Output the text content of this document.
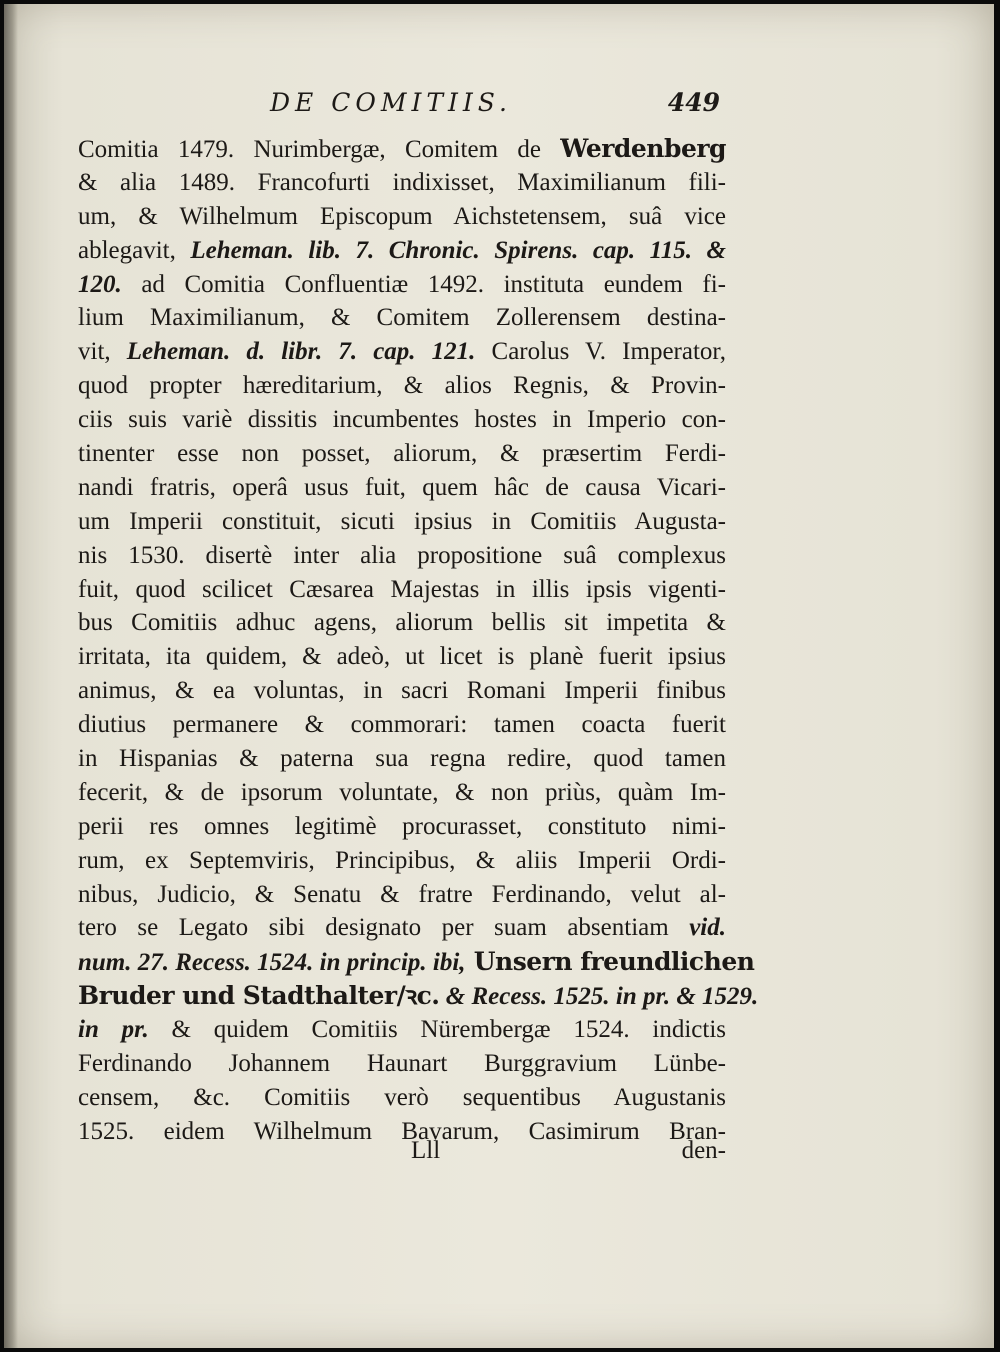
DE COMITIIS.	449
Comitia 1479. Nurimbergæ, Comitem de Werdenberg
& alia 1489. Francofurti indixisset, Maximilianum fili-
um, & Wilhelmum Episcopum Aichstetensem, suâ vice
ablegavit, Leheman. lib. 7. Chronic. Spirens. cap. 115. &
120. ad Comitia Confluentiæ 1492. instituta eundem fi-
lium Maximilianum, & Comitem Zollerensem destina-
vit, Leheman. d. libr. 7. cap. 121. Carolus V. Imperator,
quod propter hæreditarium, & alios Regnis, & Provin-
ciis suis variè dissitis incumbentes hostes in Imperio con-
tinenter esse non posset, aliorum, & præsertim Ferdi-
nandi fratris, operâ usus fuit, quem hâc de causa Vicari-
um Imperii constituit, sicuti ipsius in Comitiis Augusta-
nis 1530. disertè inter alia propositione suâ complexus
fuit, quod scilicet Cæsarea Majestas in illis ipsis vigenti-
bus Comitiis adhuc agens, aliorum bellis sit impetita &
irritata, ita quidem, & adeò, ut licet is planè fuerit ipsius
animus, & ea voluntas, in sacri Romani Imperii finibus
diutius permanere & commorari: tamen coacta fuerit
in Hispanias & paterna sua regna redire, quod tamen
fecerit, & de ipsorum voluntate, & non priùs, quàm Im-
perii res omnes legitimè procurasset, constituto nimi-
rum, ex Septemviris, Principibus, & aliis Imperii Ordi-
nibus, Judicio, & Senatu & fratre Ferdinando, velut al-
tero se Legato sibi designato per suam absentiam vid.
num. 27. Recess. 1524. in princip. ibi, Unsern freundlichen
Bruder und Stadthalter/ꝛc. & Recess. 1525. in pr. & 1529.
in pr. & quidem Comitiis Nürembergæ 1524. indictis
Ferdinando Johannem Haunart Burggravium Lünbe-
censem, &c. Comitiis verò sequentibus Augustanis
1525. eidem Wilhelmum Bavarum, Casimirum Bran-
Lll	den-
